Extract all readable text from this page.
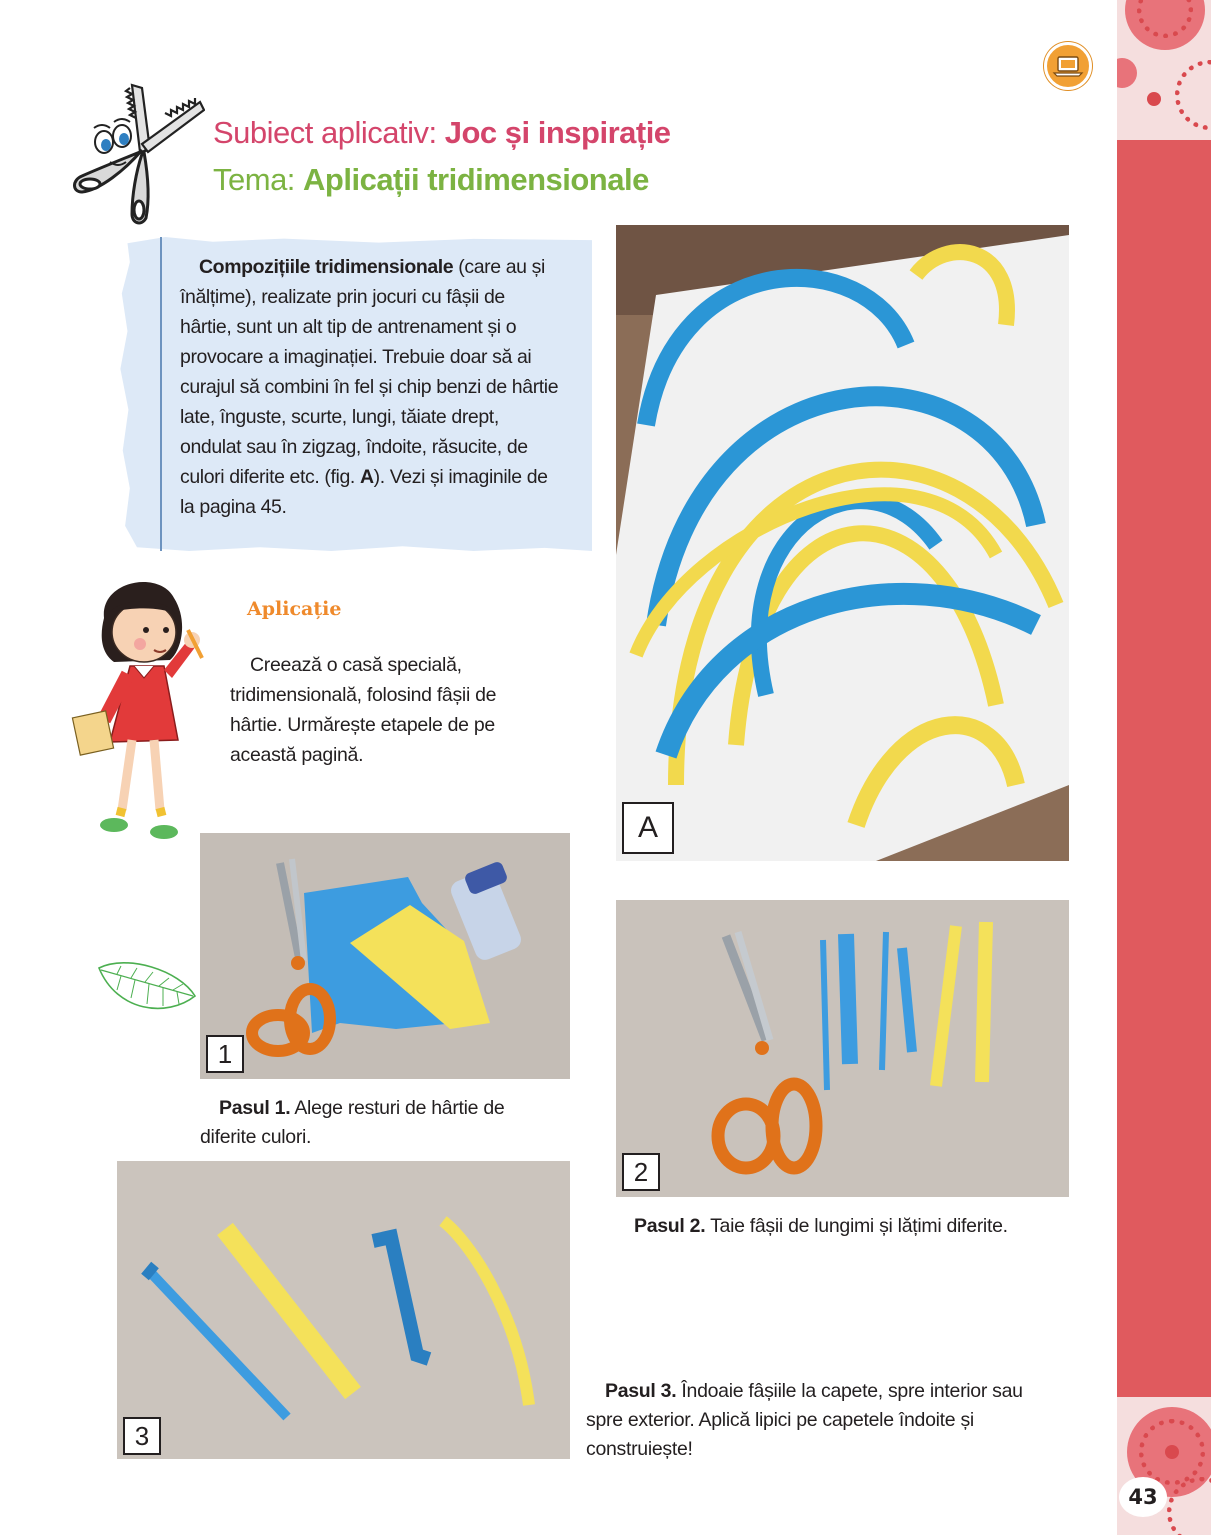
43
Subiect aplicativ: Joc și inspirație
Tema: Aplicații tridimensionale
Compozițiile tridimensionale (care au și înălțime), realizate prin jocuri cu fâșii de hârtie, sunt un alt tip de antrenament și o provocare a imaginației. Trebuie doar să ai curajul să combini în fel și chip benzi de hârtie late, înguste, scurte, lungi, tăiate drept, ondulat sau în zigzag, îndoite, răsucite, de culori diferite etc. (fig. A). Vezi și imaginile de la pagina 45.
Aplicație
Creează o casă specială, tridimensională, folosind fâșii de hârtie. Urmărește etapele de pe această pagină.
A
1
Pasul 1. Alege resturi de hârtie de diferite culori.
2
Pasul 2. Taie fâșii de lungimi și lățimi diferite.
3
Pasul 3. Îndoaie fâșiile la capete, spre interior sau spre exterior. Aplică lipici pe capetele îndoite și construiește!
